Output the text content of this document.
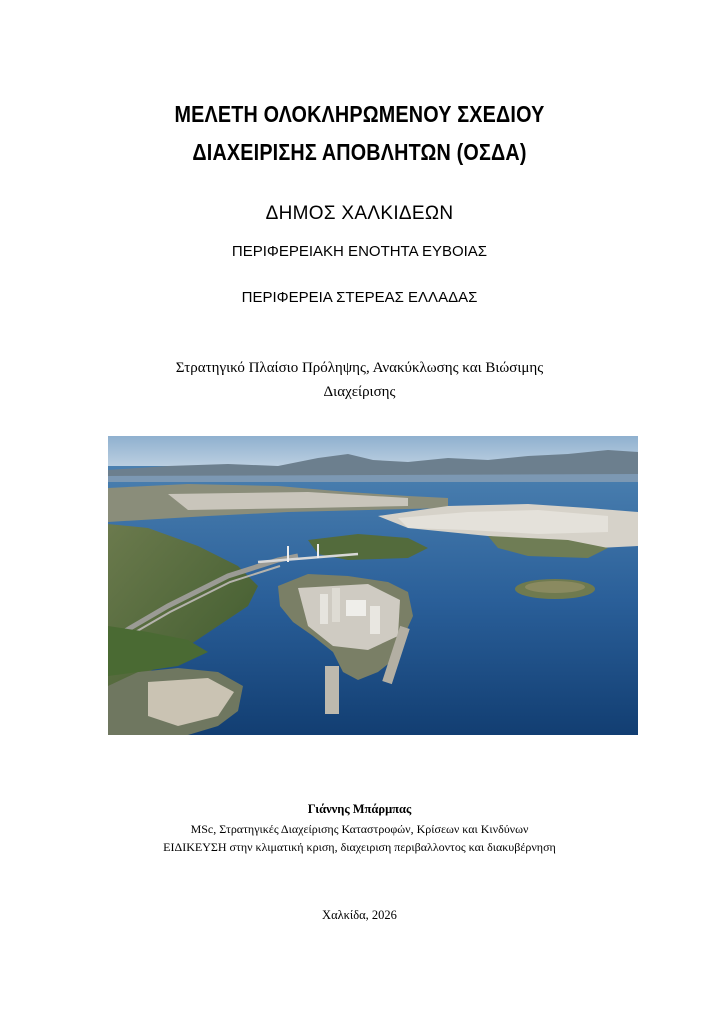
ΜΕΛΕΤΗ ΟΛΟΚΛΗΡΩΜΕΝΟΥ ΣΧΕΔΙΟΥ
ΔΙΑΧΕΙΡΙΣΗΣ ΑΠΟΒΛΗΤΩΝ (ΟΣΔΑ)
ΔΗΜΟΣ ΧΑΛΚΙΔΕΩΝ
ΠΕΡΙΦΕΡΕΙΑΚΗ ΕΝΟΤΗΤΑ ΕΥΒΟΙΑΣ
ΠΕΡΙΦΕΡΕΙΑ ΣΤΕΡΕΑΣ ΕΛΛΑΔΑΣ
Στρατηγικό Πλαίσιο Πρόληψης, Ανακύκλωσης και Βιώσιμης
Διαχείρισης
Γιάννης Μπάρμπας
MSc, Στρατηγικές Διαχείρισης Καταστροφών, Κρίσεων και Κινδύνων
ΕΙΔΙΚΕΥΣΗ στην κλιματική κριση, διαχειριση περιβαλλοντος και διακυβέρνηση
Χαλκίδα, 2026
